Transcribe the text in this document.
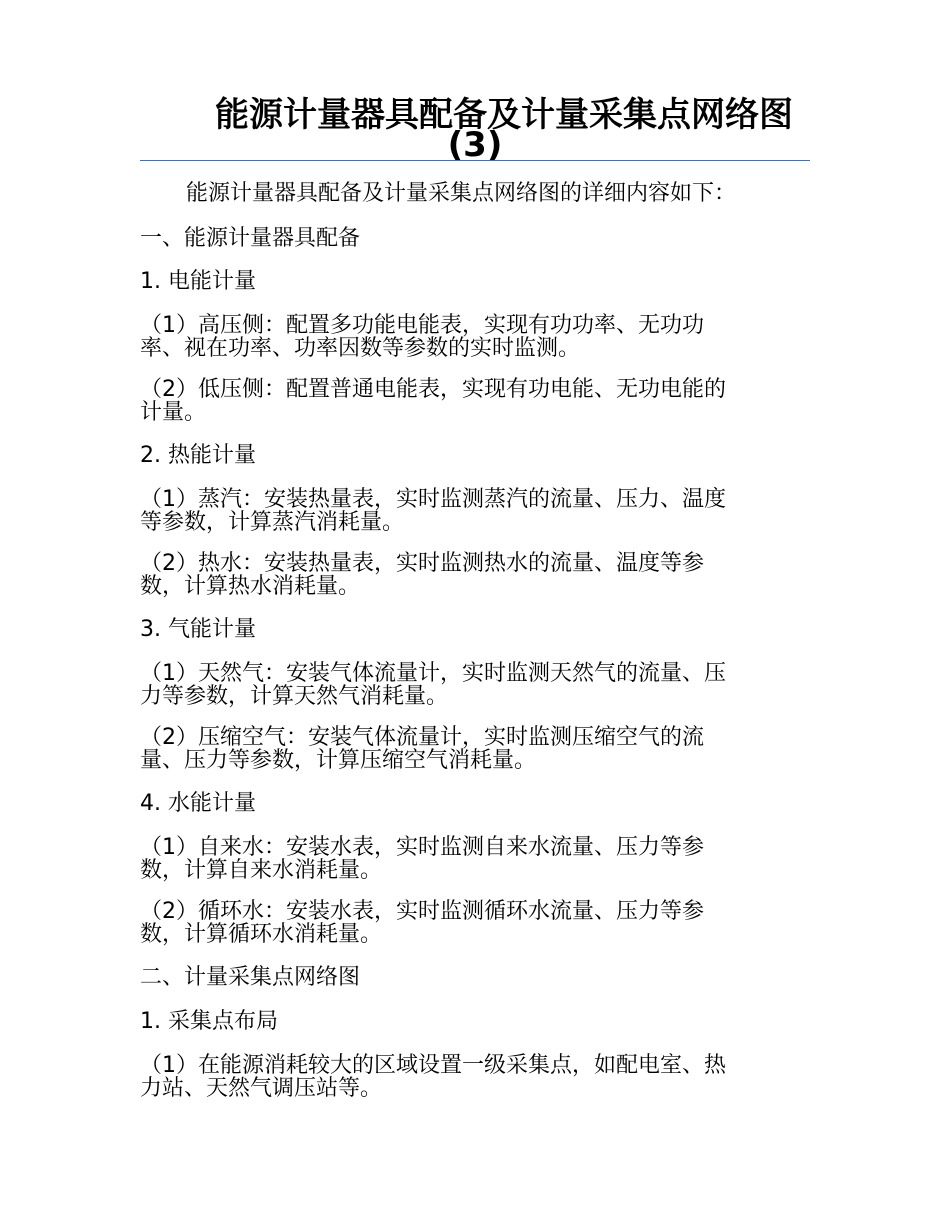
能源计量器具配备及计量采集点网络图
(3)
能源计量器具配备及计量采集点网络图的详细内容如下：
一、能源计量器具配备
1. 电能计量
（1）高压侧：配置多功能电能表，实现有功功率、无功功
率、视在功率、功率因数等参数的实时监测。
（2）低压侧：配置普通电能表，实现有功电能、无功电能的
计量。
2. 热能计量
（1）蒸汽：安装热量表，实时监测蒸汽的流量、压力、温度
等参数，计算蒸汽消耗量。
（2）热水：安装热量表，实时监测热水的流量、温度等参
数，计算热水消耗量。
3. 气能计量
（1）天然气：安装气体流量计，实时监测天然气的流量、压
力等参数，计算天然气消耗量。
（2）压缩空气：安装气体流量计，实时监测压缩空气的流
量、压力等参数，计算压缩空气消耗量。
4. 水能计量
（1）自来水：安装水表，实时监测自来水流量、压力等参
数，计算自来水消耗量。
（2）循环水：安装水表，实时监测循环水流量、压力等参
数，计算循环水消耗量。
二、计量采集点网络图
1. 采集点布局
（1）在能源消耗较大的区域设置一级采集点，如配电室、热
力站、天然气调压站等。
